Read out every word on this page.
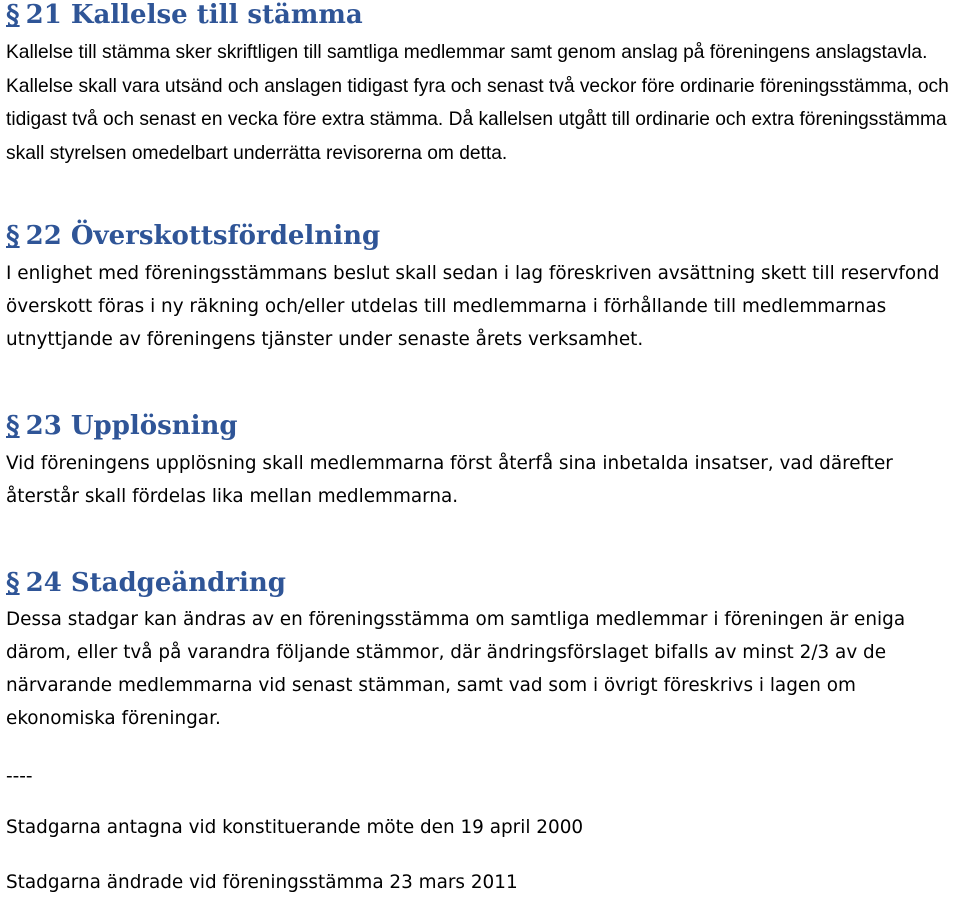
§ 21 Kallelse till stämma

Kallelse till stämma sker skriftligen till samtliga medlemmar samt genom anslag på föreningens anslagstavla. Kallelse skall vara utsänd och anslagen tidigast fyra och senast två veckor före ordinarie föreningsstämma, och tidigast två och senast en vecka före extra stämma. Då kallelsen utgått till ordinarie och extra föreningsstämma skall styrelsen omedelbart underrätta revisorerna om detta.

§ 22 Överskottsfördelning

I enlighet med föreningsstämmans beslut skall sedan i lag föreskriven avsättning skett till reservfond överskott föras i ny räkning och/eller utdelas till medlemmarna i förhållande till medlemmarnas utnyttjande av föreningens tjänster under senaste årets verksamhet.

§ 23 Upplösning

Vid föreningens upplösning skall medlemmarna först återfå sina inbetalda insatser, vad därefter återstår skall fördelas lika mellan medlemmarna.

§ 24 Stadgeändring

Dessa stadgar kan ändras av en föreningsstämma om samtliga medlemmar i föreningen är eniga därom, eller två på varandra följande stämmor, där ändringsförslaget bifalls av minst 2/3 av de närvarande medlemmarna vid senast stämman, samt vad som i övrigt föreskrivs i lagen om ekonomiska föreningar.

----

Stadgarna antagna vid konstituerande möte den 19 april 2000

Stadgarna ändrade vid föreningsstämma 23 mars 2011
